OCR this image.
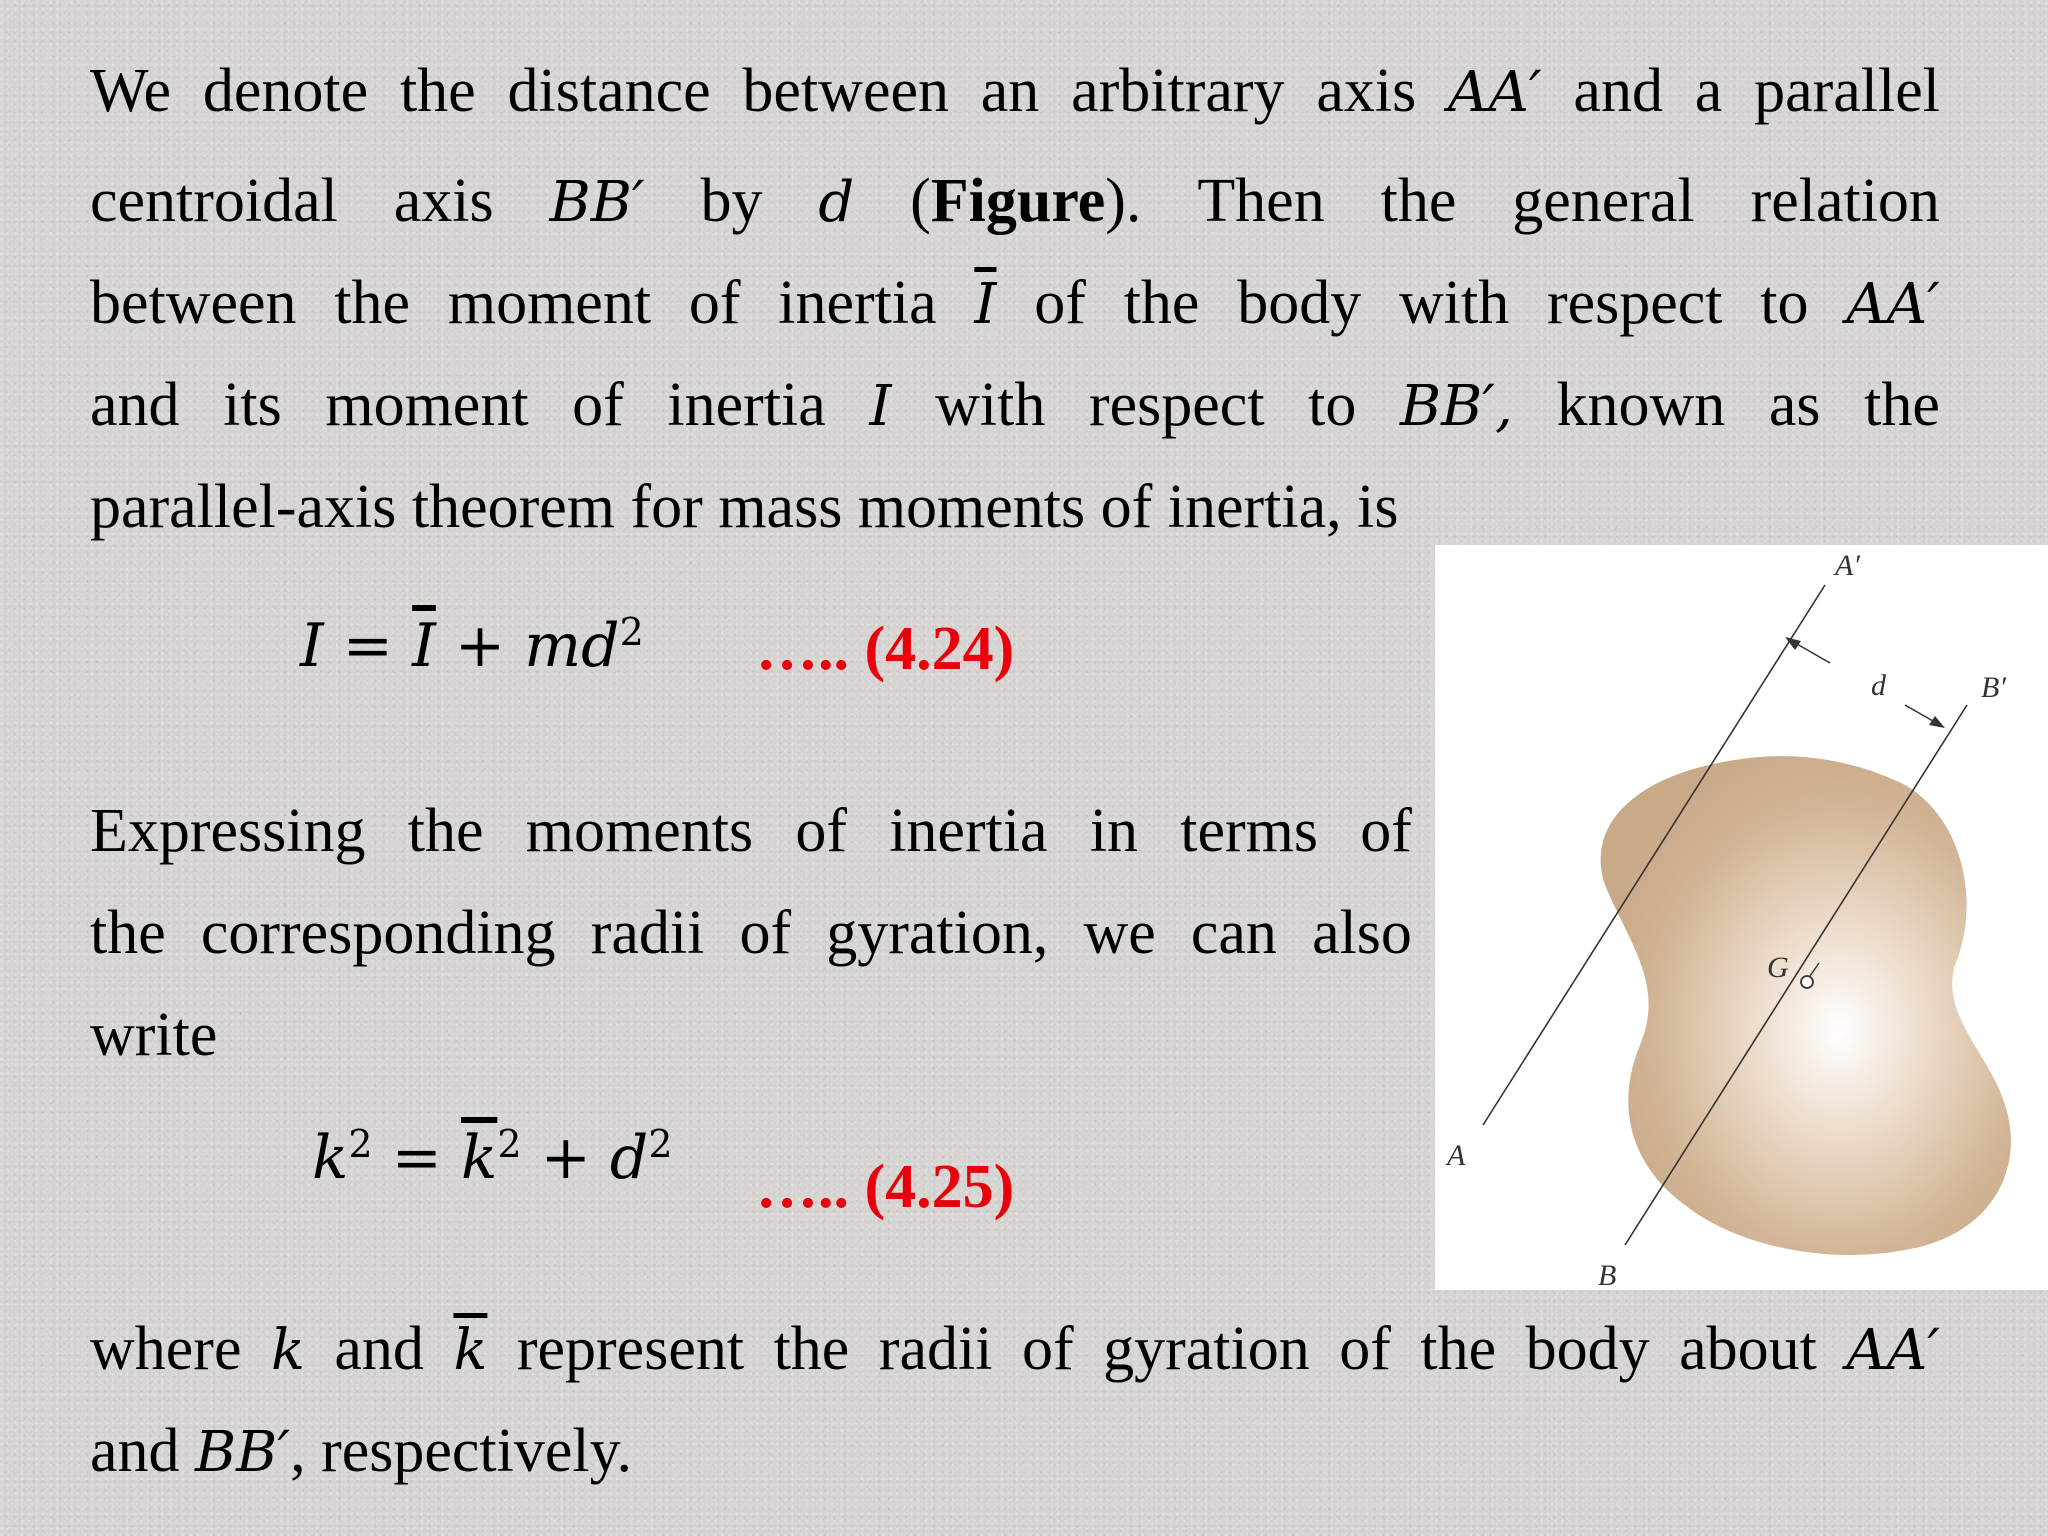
We denote the distance between an arbitrary axis AA′ and a parallel
centroidal axis BB′ by d (Figure). Then the general relation
between the moment of inertia $\overline{I}$ of the body with respect to AA′
and its moment of inertia I with respect to BB′, known as the
parallel-axis theorem for mass moments of inertia, is
$I = \overline{I} + md^2$ ….. (4.24)
Expressing the moments of inertia in terms of
the corresponding radii of gyration, we can also
write
$k^2 = \overline{k}^2 + d^2$
….. (4.25)
where k and $\overline{k}$ represent the radii of gyration of the body about AA′
and BB′, respectively.
A′
B′
A
B
d
G
